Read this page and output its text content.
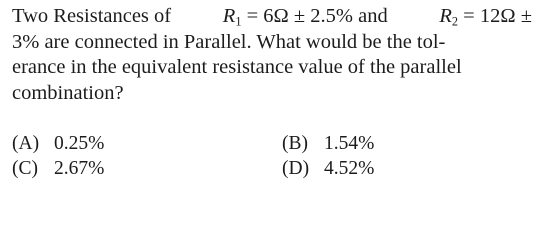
Two Resistances of	$R_1 = 6\Omega \pm 2.5\%$ and	$R_2 = 12\Omega$ ±
3% are connected in Parallel. What would be the tol-
erance in the equivalent resistance value of the parallel
combination?
(A) 0.25%	(B) 1.54%
(C) 2.67%	(D) 4.52%
